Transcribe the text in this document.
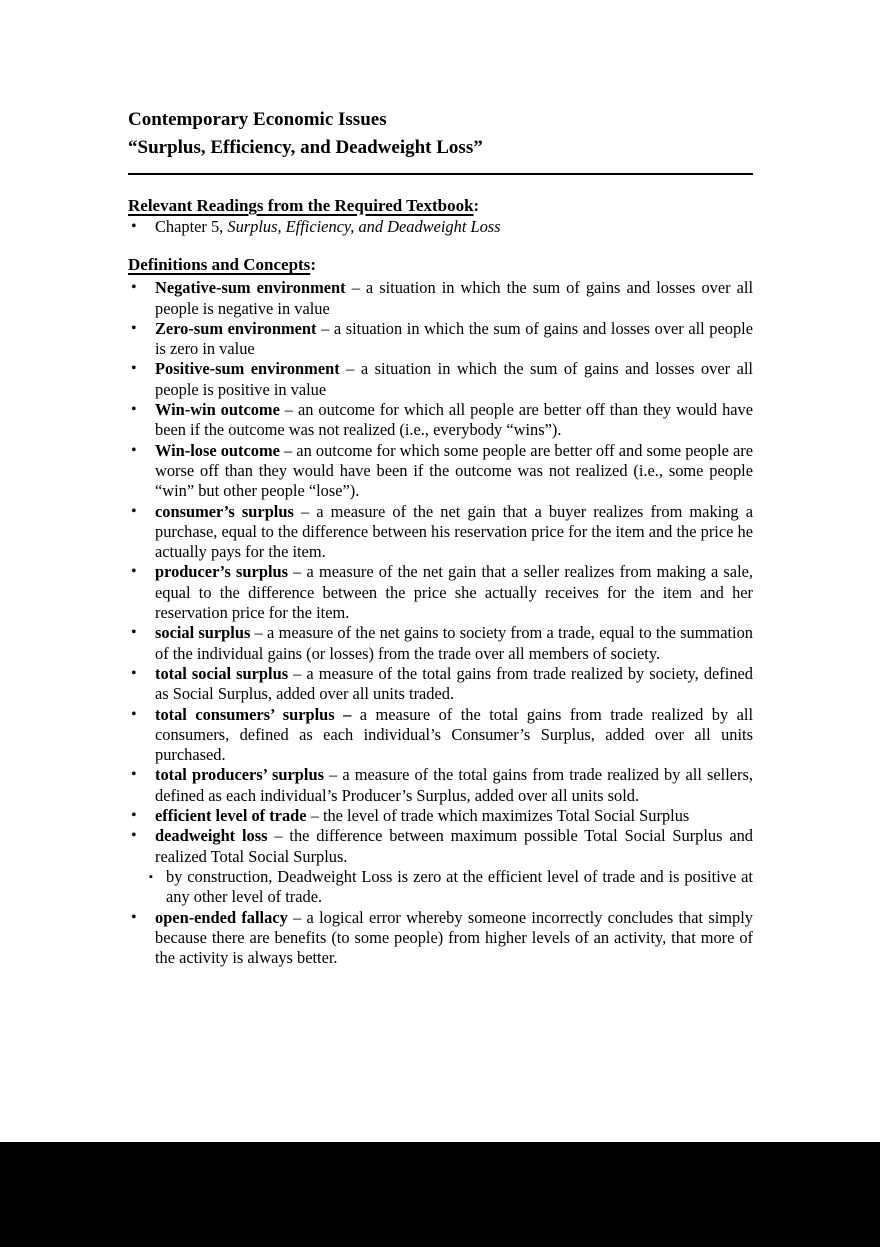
Contemporary Economic Issues
“Surplus, Efficiency, and Deadweight Loss”
Relevant Readings from the Required Textbook:
• Chapter 5, Surplus, Efficiency, and Deadweight Loss
Definitions and Concepts:
• Negative-sum environment – a situation in which the sum of gains and losses over all people is negative in value
• Zero-sum environment – a situation in which the sum of gains and losses over all people is zero in value
• Positive-sum environment – a situation in which the sum of gains and losses over all people is positive in value
• Win-win outcome – an outcome for which all people are better off than they would have been if the outcome was not realized (i.e., everybody “wins”).
• Win-lose outcome – an outcome for which some people are better off and some people are worse off than they would have been if the outcome was not realized (i.e., some people “win” but other people “lose”).
• consumer’s surplus – a measure of the net gain that a buyer realizes from making a purchase, equal to the difference between his reservation price for the item and the price he actually pays for the item.
• producer’s surplus – a measure of the net gain that a seller realizes from making a sale, equal to the difference between the price she actually receives for the item and her reservation price for the item.
• social surplus – a measure of the net gains to society from a trade, equal to the summation of the individual gains (or losses) from the trade over all members of society.
• total social surplus – a measure of the total gains from trade realized by society, defined as Social Surplus, added over all units traded.
• total consumers’ surplus – a measure of the total gains from trade realized by all consumers, defined as each individual’s Consumer’s Surplus, added over all units purchased.
• total producers’ surplus – a measure of the total gains from trade realized by all sellers, defined as each individual’s Producer’s Surplus, added over all units sold.
• efficient level of trade – the level of trade which maximizes Total Social Surplus
• deadweight loss – the difference between maximum possible Total Social Surplus and realized Total Social Surplus.
▪ by construction, Deadweight Loss is zero at the efficient level of trade and is positive at any other level of trade.
• open-ended fallacy – a logical error whereby someone incorrectly concludes that simply because there are benefits (to some people) from higher levels of an activity, that more of the activity is always better.
